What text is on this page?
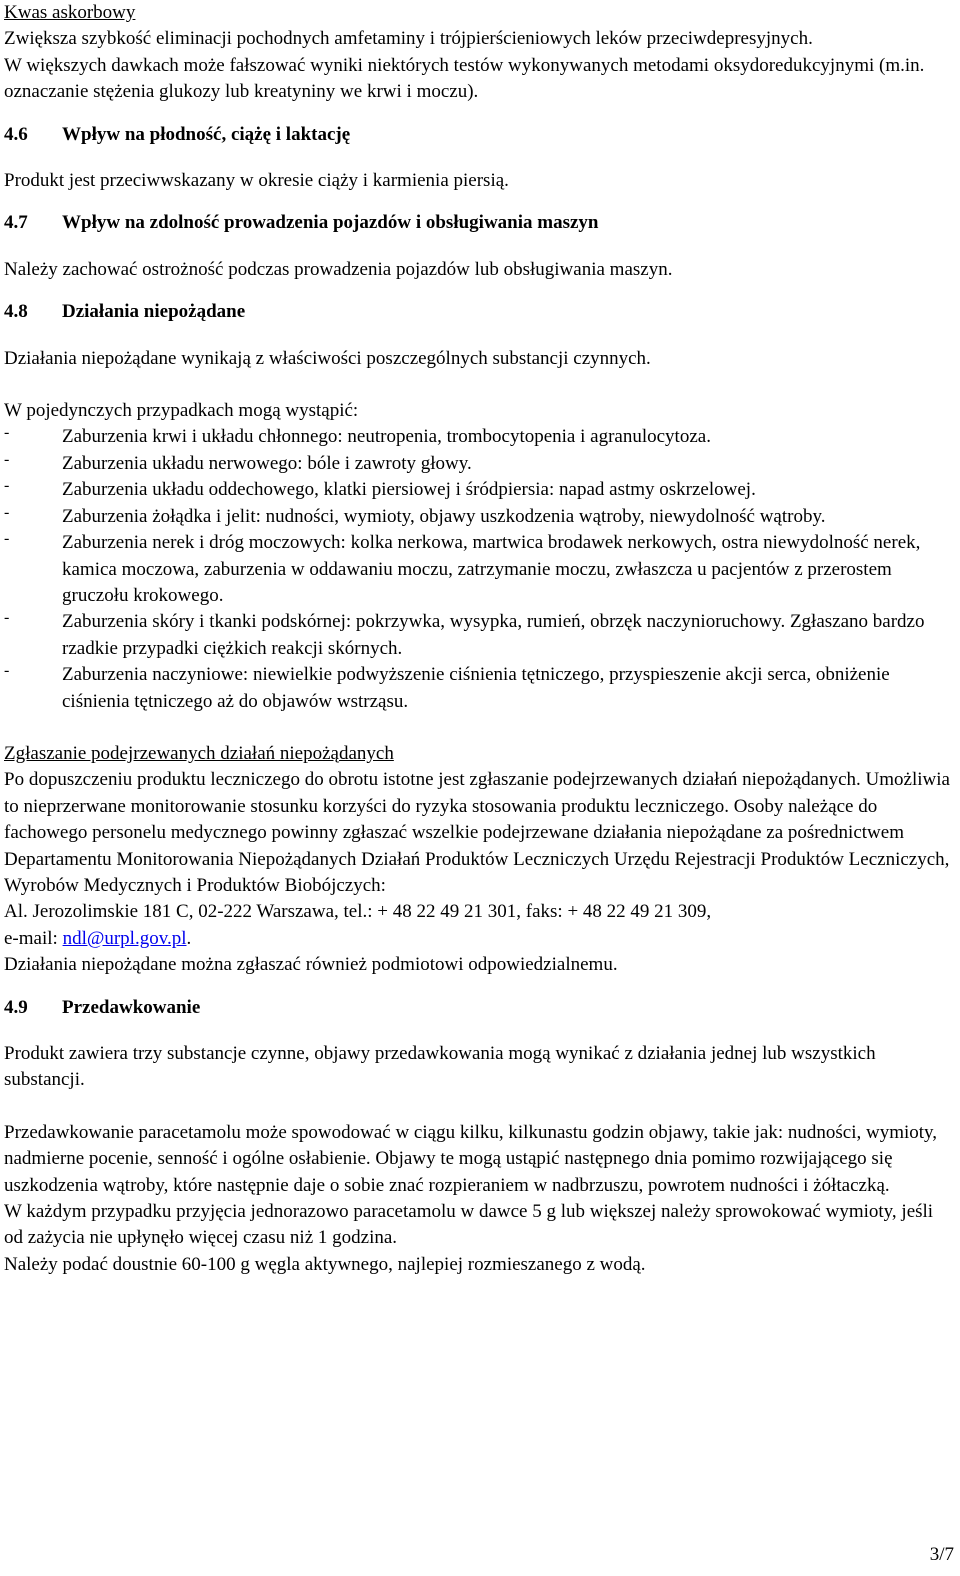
Kwas askorbowy

Zwiększa szybkość eliminacji pochodnych amfetaminy i trójpierścieniowych leków przeciwdepresyjnych.

W większych dawkach może fałszować wyniki niektórych testów wykonywanych metodami oksydoredukcyjnymi (m.in. oznaczanie stężenia glukozy lub kreatyniny we krwi i moczu).

4.6 Wpływ na płodność, ciążę i laktację

Produkt jest przeciwwskazany w okresie ciąży i karmienia piersią.

4.7 Wpływ na zdolność prowadzenia pojazdów i obsługiwania maszyn

Należy zachować ostrożność podczas prowadzenia pojazdów lub obsługiwania maszyn.

4.8 Działania niepożądane

Działania niepożądane wynikają z właściwości poszczególnych substancji czynnych.

W pojedynczych przypadkach mogą wystąpić:

-	Zaburzenia krwi i układu chłonnego: neutropenia, trombocytopenia i agranulocytoza.

-	Zaburzenia układu nerwowego: bóle i zawroty głowy.

-	Zaburzenia układu oddechowego, klatki piersiowej i śródpiersia: napad astmy oskrzelowej.

-	Zaburzenia żołądka i jelit: nudności, wymioty, objawy uszkodzenia wątroby, niewydolność wątroby.

-	Zaburzenia nerek i dróg moczowych: kolka nerkowa, martwica brodawek nerkowych, ostra niewydolność nerek, kamica moczowa, zaburzenia w oddawaniu moczu, zatrzymanie moczu, zwłaszcza u pacjentów z przerostem gruczołu krokowego.

-	Zaburzenia skóry i tkanki podskórnej: pokrzywka, wysypka, rumień, obrzęk naczynioruchowy. Zgłaszano bardzo rzadkie przypadki ciężkich reakcji skórnych.

-	Zaburzenia naczyniowe: niewielkie podwyższenie ciśnienia tętniczego, przyspieszenie akcji serca, obniżenie ciśnienia tętniczego aż do objawów wstrząsu.

Zgłaszanie podejrzewanych działań niepożądanych

Po dopuszczeniu produktu leczniczego do obrotu istotne jest zgłaszanie podejrzewanych działań niepożądanych. Umożliwia to nieprzerwane monitorowanie stosunku korzyści do ryzyka stosowania produktu leczniczego. Osoby należące do fachowego personelu medycznego powinny zgłaszać wszelkie podejrzewane działania niepożądane za pośrednictwem Departamentu Monitorowania Niepożądanych Działań Produktów Leczniczych Urzędu Rejestracji Produktów Leczniczych, Wyrobów Medycznych i Produktów Biobójczych:

Al. Jerozolimskie 181 C, 02-222 Warszawa, tel.: + 48 22 49 21 301, faks: + 48 22 49 21 309,

e-mail: ndl@urpl.gov.pl.

Działania niepożądane można zgłaszać również podmiotowi odpowiedzialnemu.

4.9 Przedawkowanie

Produkt zawiera trzy substancje czynne, objawy przedawkowania mogą wynikać z działania jednej lub wszystkich substancji.

Przedawkowanie paracetamolu może spowodować w ciągu kilku, kilkunastu godzin objawy, takie jak: nudności, wymioty, nadmierne pocenie, senność i ogólne osłabienie. Objawy te mogą ustąpić następnego dnia pomimo rozwijającego się uszkodzenia wątroby, które następnie daje o sobie znać rozpieraniem w nadbrzuszu, powrotem nudności i żółtaczką.

W każdym przypadku przyjęcia jednorazowo paracetamolu w dawce 5 g lub większej należy sprowokować wymioty, jeśli od zażycia nie upłynęło więcej czasu niż 1 godzina.

Należy podać doustnie 60-100 g węgla aktywnego, najlepiej rozmieszanego z wodą.

3/7
